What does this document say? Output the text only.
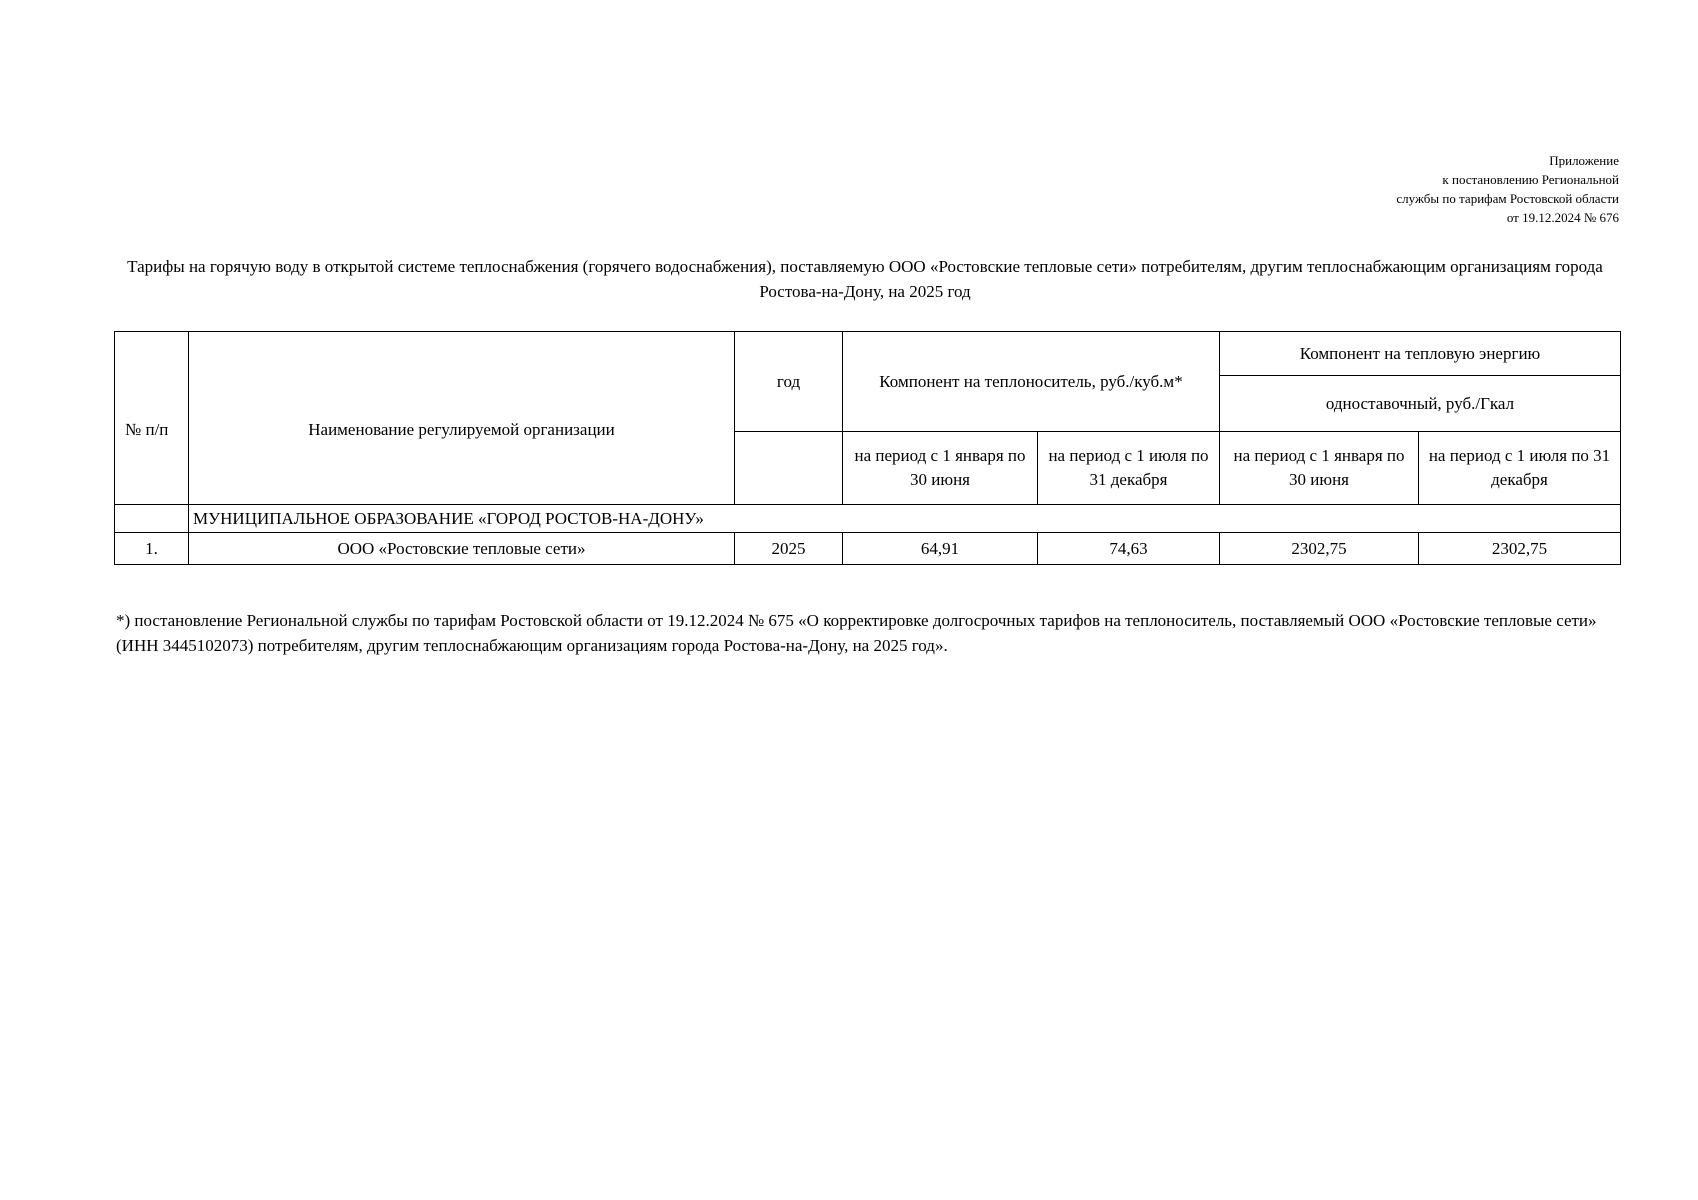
Приложение
к постановлению Региональной
службы по тарифам Ростовской области
от 19.12.2024 № 676
Тарифы на горячую воду в открытой системе теплоснабжения (горячего водоснабжения), поставляемую ООО «Ростовские тепловые сети» потребителям, другим теплоснабжающим организациям города Ростова-на-Дону, на 2025 год
№ п/п	Наименование регулируемой организации	год	Компонент на теплоноситель, руб./куб.м*		Компонент на тепловую энергию	
					одноставочный, руб./Гкал	
			на период с 1 января по 30 июня	на период с 1 июля по 31 декабря	на период с 1 января по 30 июня	на период с 1 июля по 31 декабря
	МУНИЦИПАЛЬНОЕ ОБРАЗОВАНИЕ «ГОРОД РОСТОВ-НА-ДОНУ»					
1.	ООО «Ростовские тепловые сети»	2025	64,91	74,63	2302,75	2302,75
*) постановление Региональной службы по тарифам Ростовской области от 19.12.2024 № 675 «О корректировке долгосрочных тарифов на теплоноситель, поставляемый ООО «Ростовские тепловые сети» (ИНН 3445102073) потребителям, другим теплоснабжающим организациям города Ростова-на-Дону, на 2025 год».
